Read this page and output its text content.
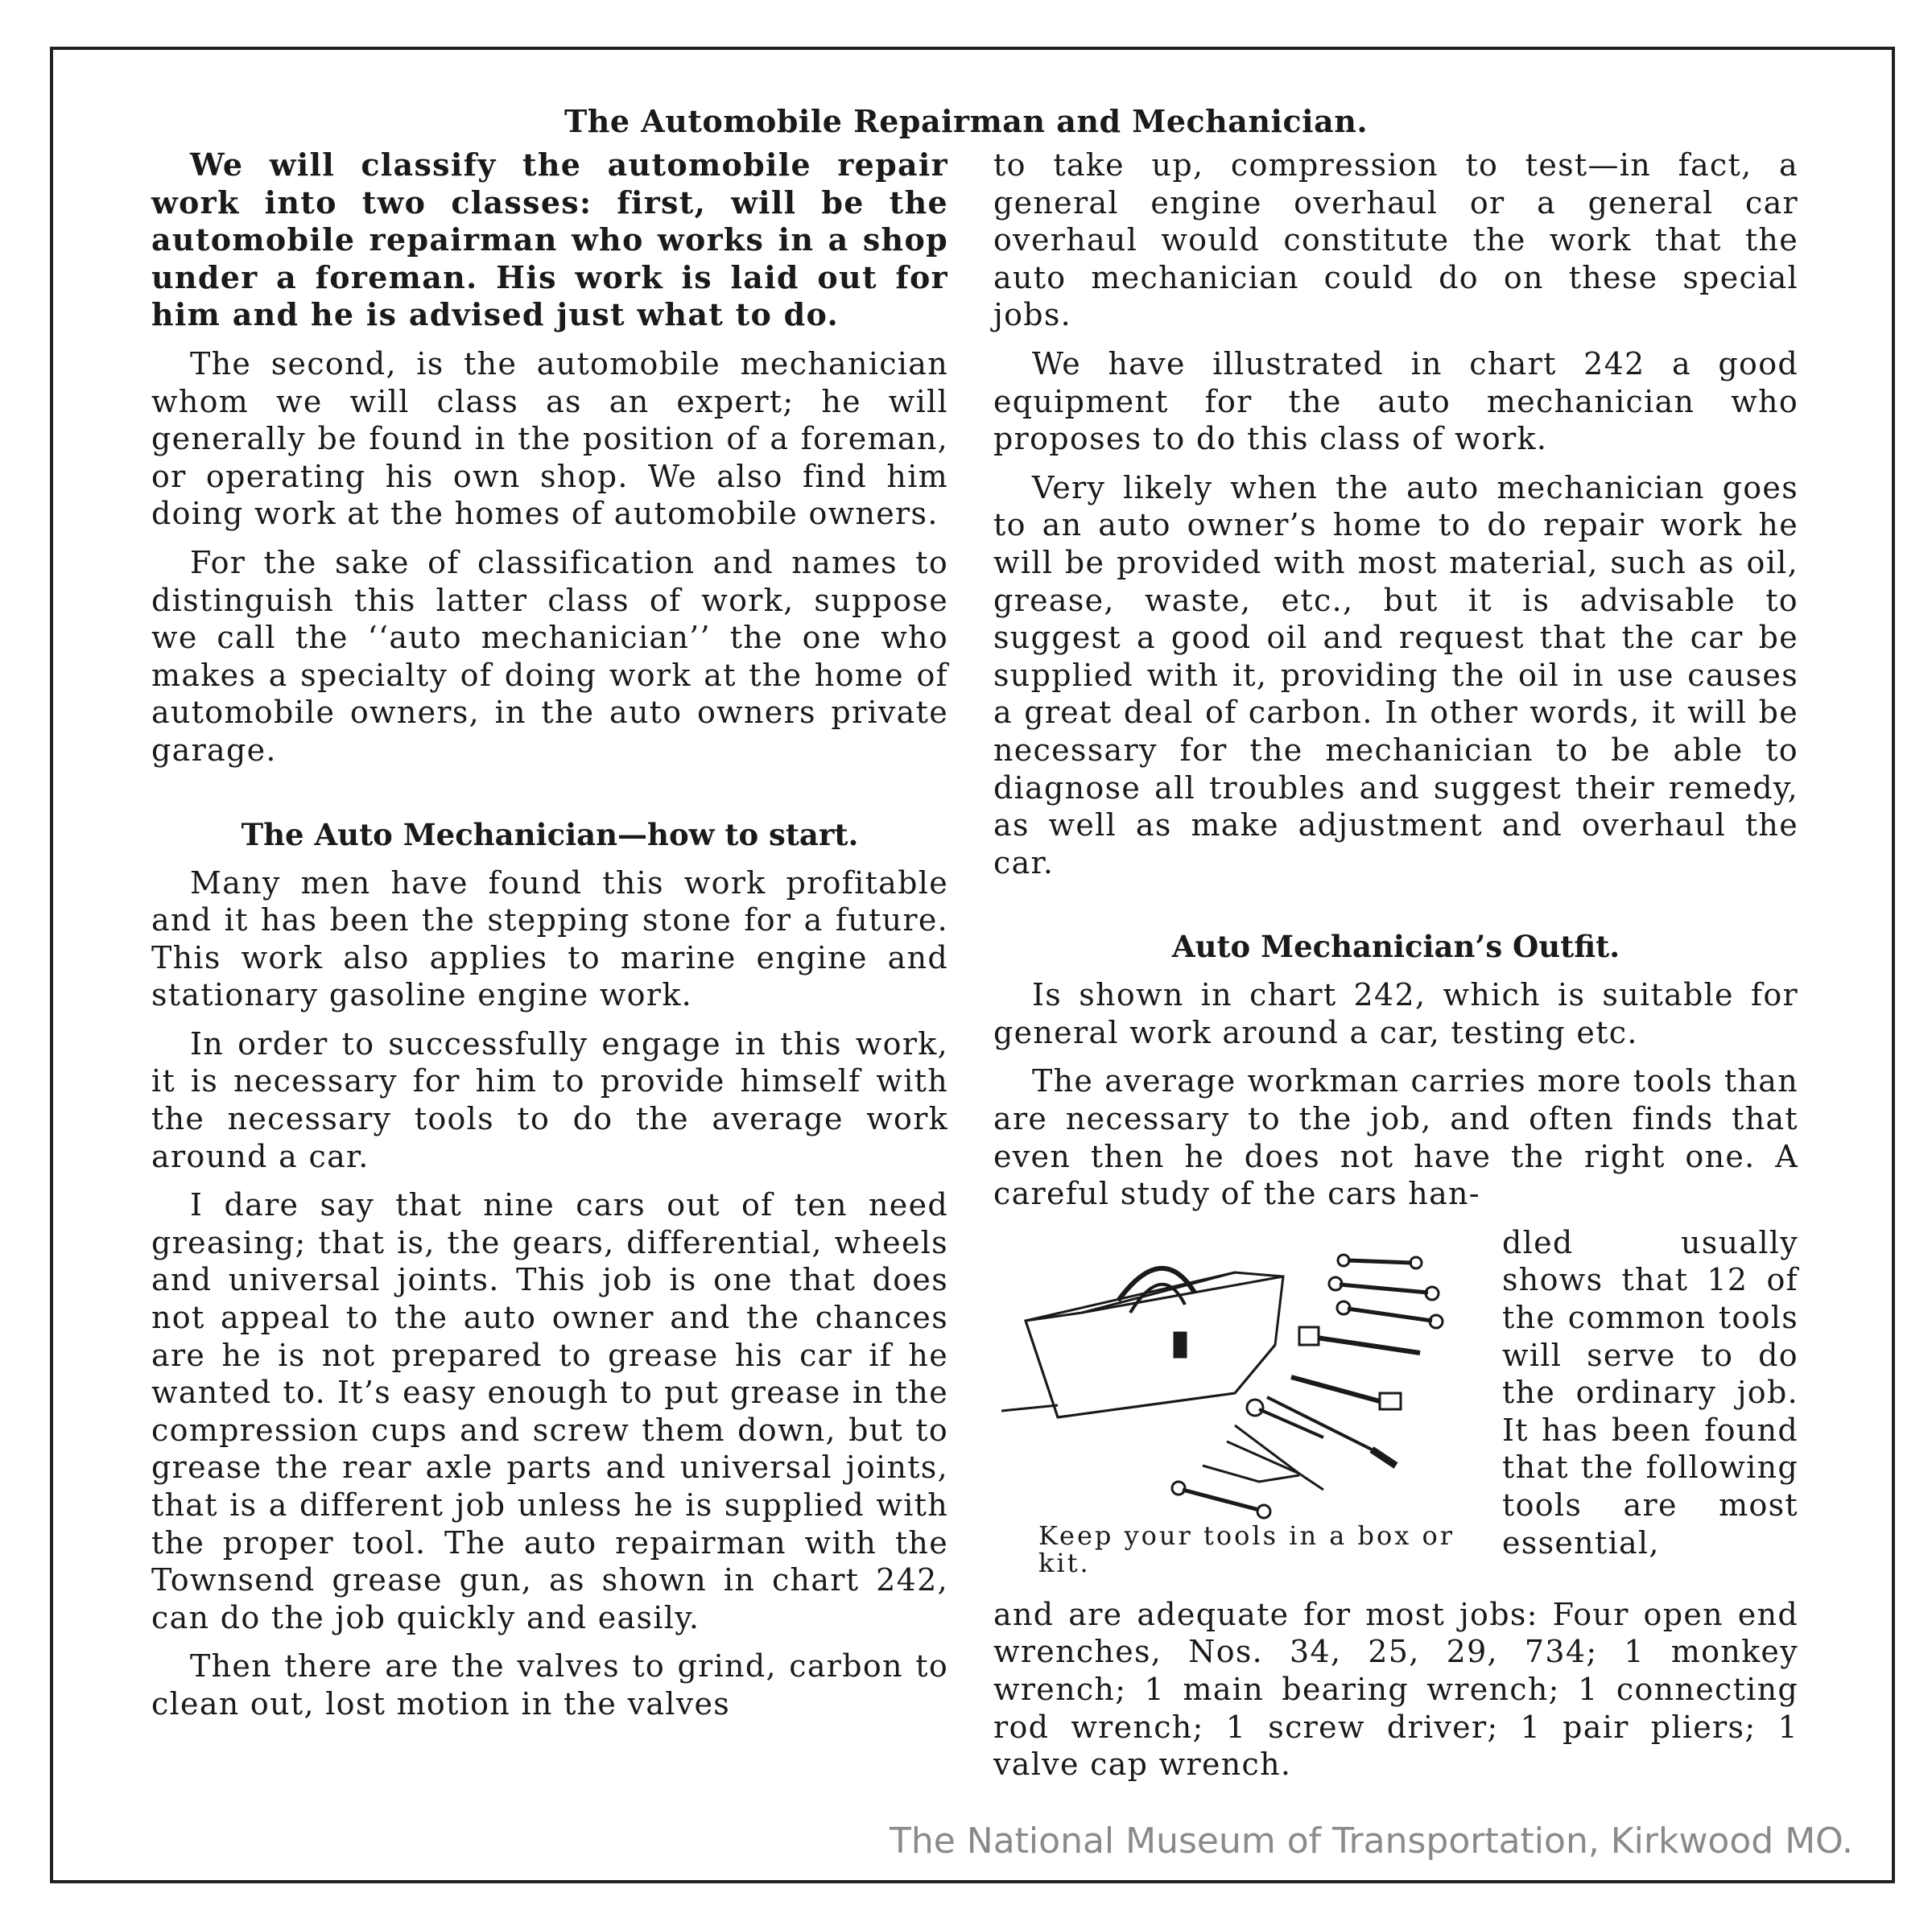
The Automobile Repairman and Mechanician.

We will classify the automobile repair work into two classes: first, will be the automobile repairman who works in a shop under a foreman. His work is laid out for him and he is advised just what to do.

The second, is the automobile mechanician whom we will class as an expert; he will generally be found in the position of a foreman, or operating his own shop. We also find him doing work at the homes of automobile owners.

For the sake of classification and names to distinguish this latter class of work, suppose we call the ‘‘auto mechanician’’ the one who makes a specialty of doing work at the home of automobile owners, in the auto owners private garage.

The Auto Mechanician—how to start.

Many men have found this work profitable and it has been the stepping stone for a future. This work also applies to marine engine and stationary gasoline engine work.

In order to successfully engage in this work, it is necessary for him to provide himself with the necessary tools to do the average work around a car.

I dare say that nine cars out of ten need greasing; that is, the gears, differential, wheels and universal joints. This job is one that does not appeal to the auto owner and the chances are he is not prepared to grease his car if he wanted to. It’s easy enough to put grease in the compression cups and screw them down, but to grease the rear axle parts and universal joints, that is a different job unless he is supplied with the proper tool. The auto repairman with the Townsend grease gun, as shown in chart 242, can do the job quickly and easily.

Then there are the valves to grind, carbon to clean out, lost motion in the valves

to take up, compression to test—in fact, a general engine overhaul or a general car overhaul would constitute the work that the auto mechanician could do on these special jobs.

We have illustrated in chart 242 a good equipment for the auto mechanician who proposes to do this class of work.

Very likely when the auto mechanician goes to an auto owner’s home to do repair work he will be provided with most material, such as oil, grease, waste, etc., but it is advisable to suggest a good oil and request that the car be supplied with it, providing the oil in use causes a great deal of carbon. In other words, it will be necessary for the mechanician to be able to diagnose all troubles and suggest their remedy, as well as make adjustment and overhaul the car.

Auto Mechanician’s Outfit.

Is shown in chart 242, which is suitable for general work around a car, testing etc.

The average workman carries more tools than are necessary to the job, and often finds that even then he does not have the right one. A careful study of the cars han-

Keep your tools in a box or kit.
dled usually shows that 12 of the common tools will serve to do the ordinary job. It has been found that the following tools are most essential,

and are adequate for most jobs: Four open end wrenches, Nos. 34, 25, 29, 734; 1 monkey wrench; 1 main bearing wrench; 1 connecting rod wrench; 1 screw driver; 1 pair pliers; 1 valve cap wrench.

The National Museum of Transportation, Kirkwood MO.
